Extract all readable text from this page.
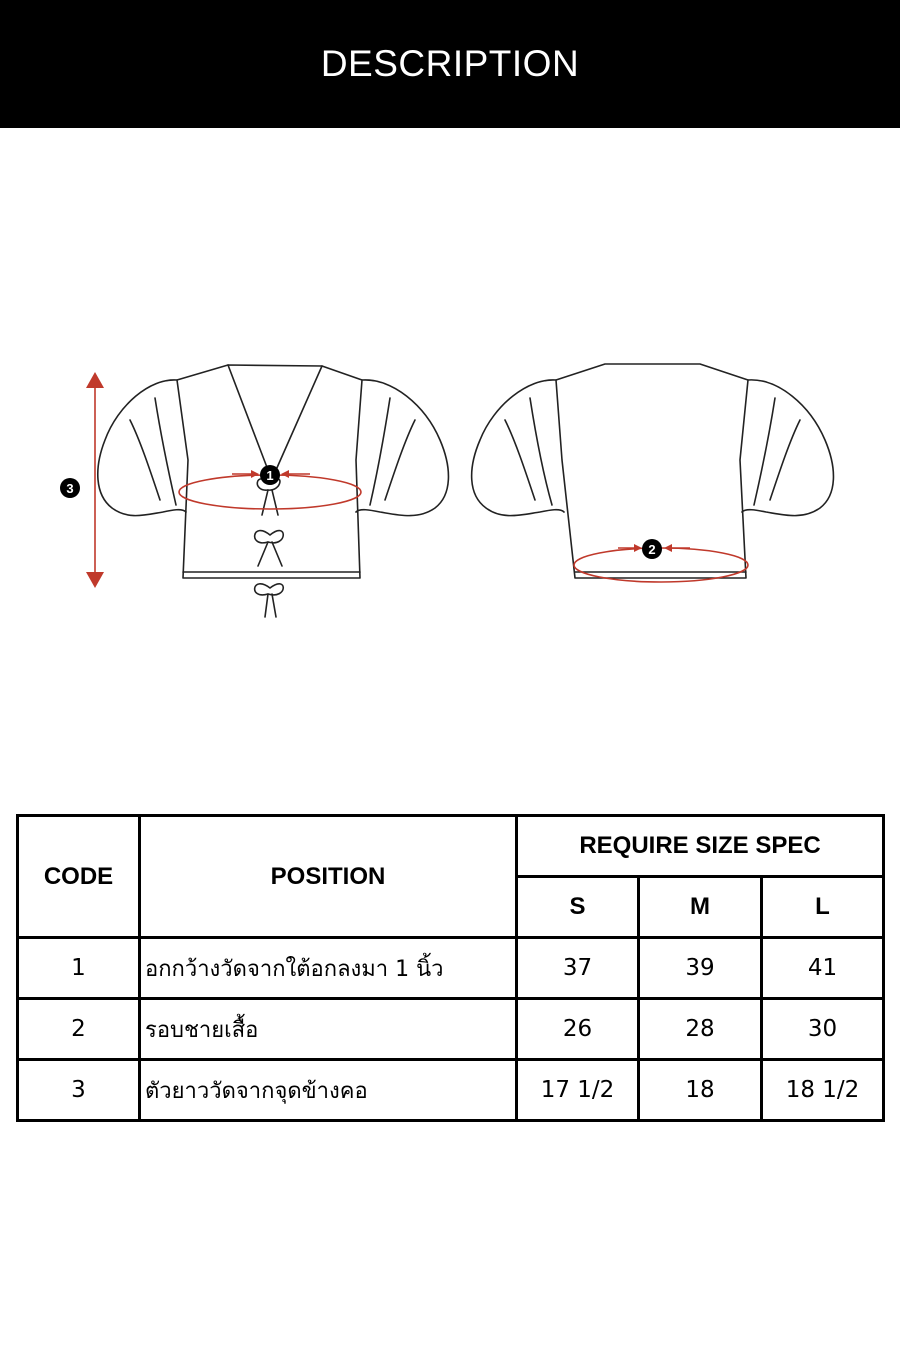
DESCRIPTION
1
3
2
CODE	POSITION	REQUIRE SIZE SPEC		
		S	M	L
1	อกกว้างวัดจากใต้อกลงมา 1 นิ้ว	37	39	41
2	รอบชายเสื้อ	26	28	30
3	ตัวยาววัดจากจุดข้างคอ	17 1/2	18	18 1/2
